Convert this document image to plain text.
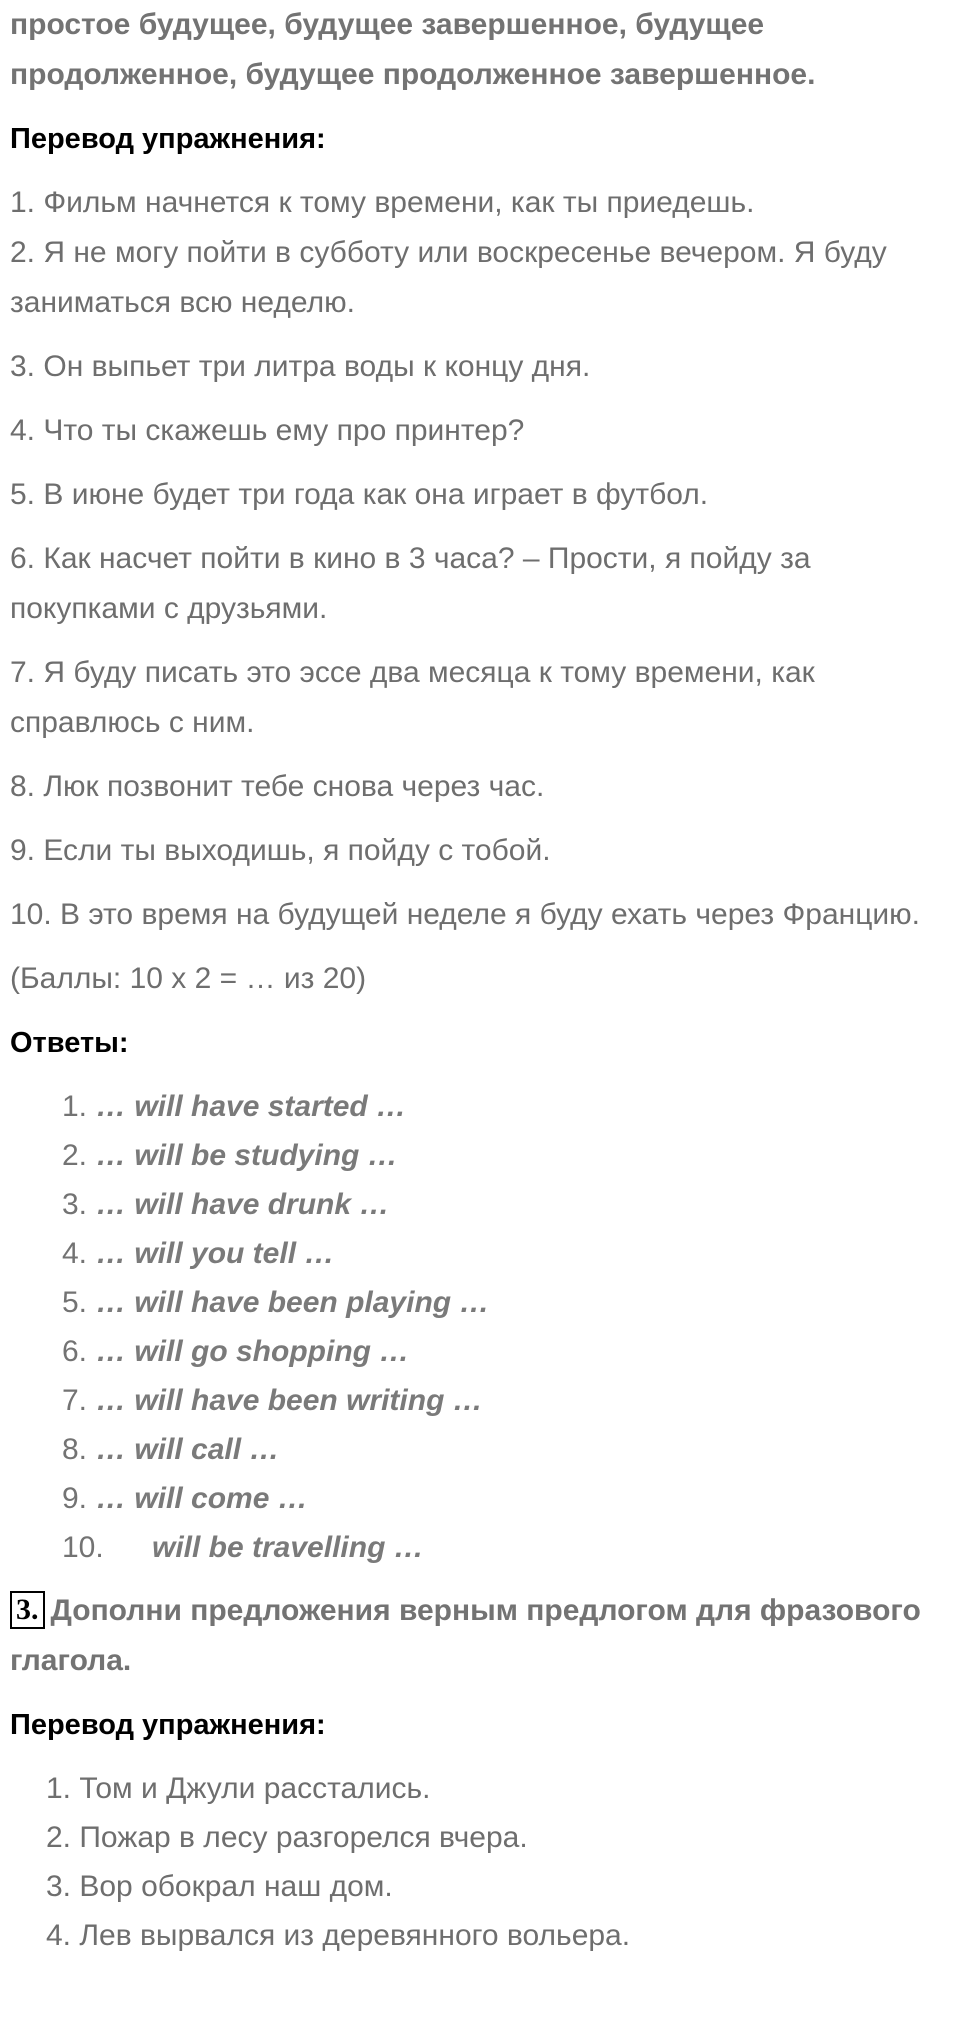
простое будущее, будущее завершенное, будущее продолженное, будущее продолженное завершенное.

Перевод упражнения:

1. Фильм начнется к тому времени, как ты приедешь.

2. Я не могу пойти в субботу или воскресенье вечером. Я буду заниматься всю неделю.

3. Он выпьет три литра воды к концу дня.

4. Что ты скажешь ему про принтер?

5. В июне будет три года как она играет в футбол.

6. Как насчет пойти в кино в 3 часа? – Прости, я пойду за покупками с друзьями.

7. Я буду писать это эссе два месяца к тому времени, как справлюсь с ним.

8. Люк позвонит тебе снова через час.

9. Если ты выходишь, я пойду с тобой.

10. В это время на будущей неделе я буду ехать через Францию.

(Баллы: 10 x 2 = … из 20)

Ответы:

1. … will have started …
2. … will be studying …
3. … will have drunk …
4. … will you tell …
5. … will have been playing …
6. … will go shopping …
7. … will have been writing …
8. … will call …
9. … will come …
10. will be travelling …

3. Дополни предложения верным предлогом для фразового глагола.

Перевод упражнения:

1. Том и Джули расстались.
2. Пожар в лесу разгорелся вчера.
3. Вор обокрал наш дом.
4. Лев вырвался из деревянного вольера.
